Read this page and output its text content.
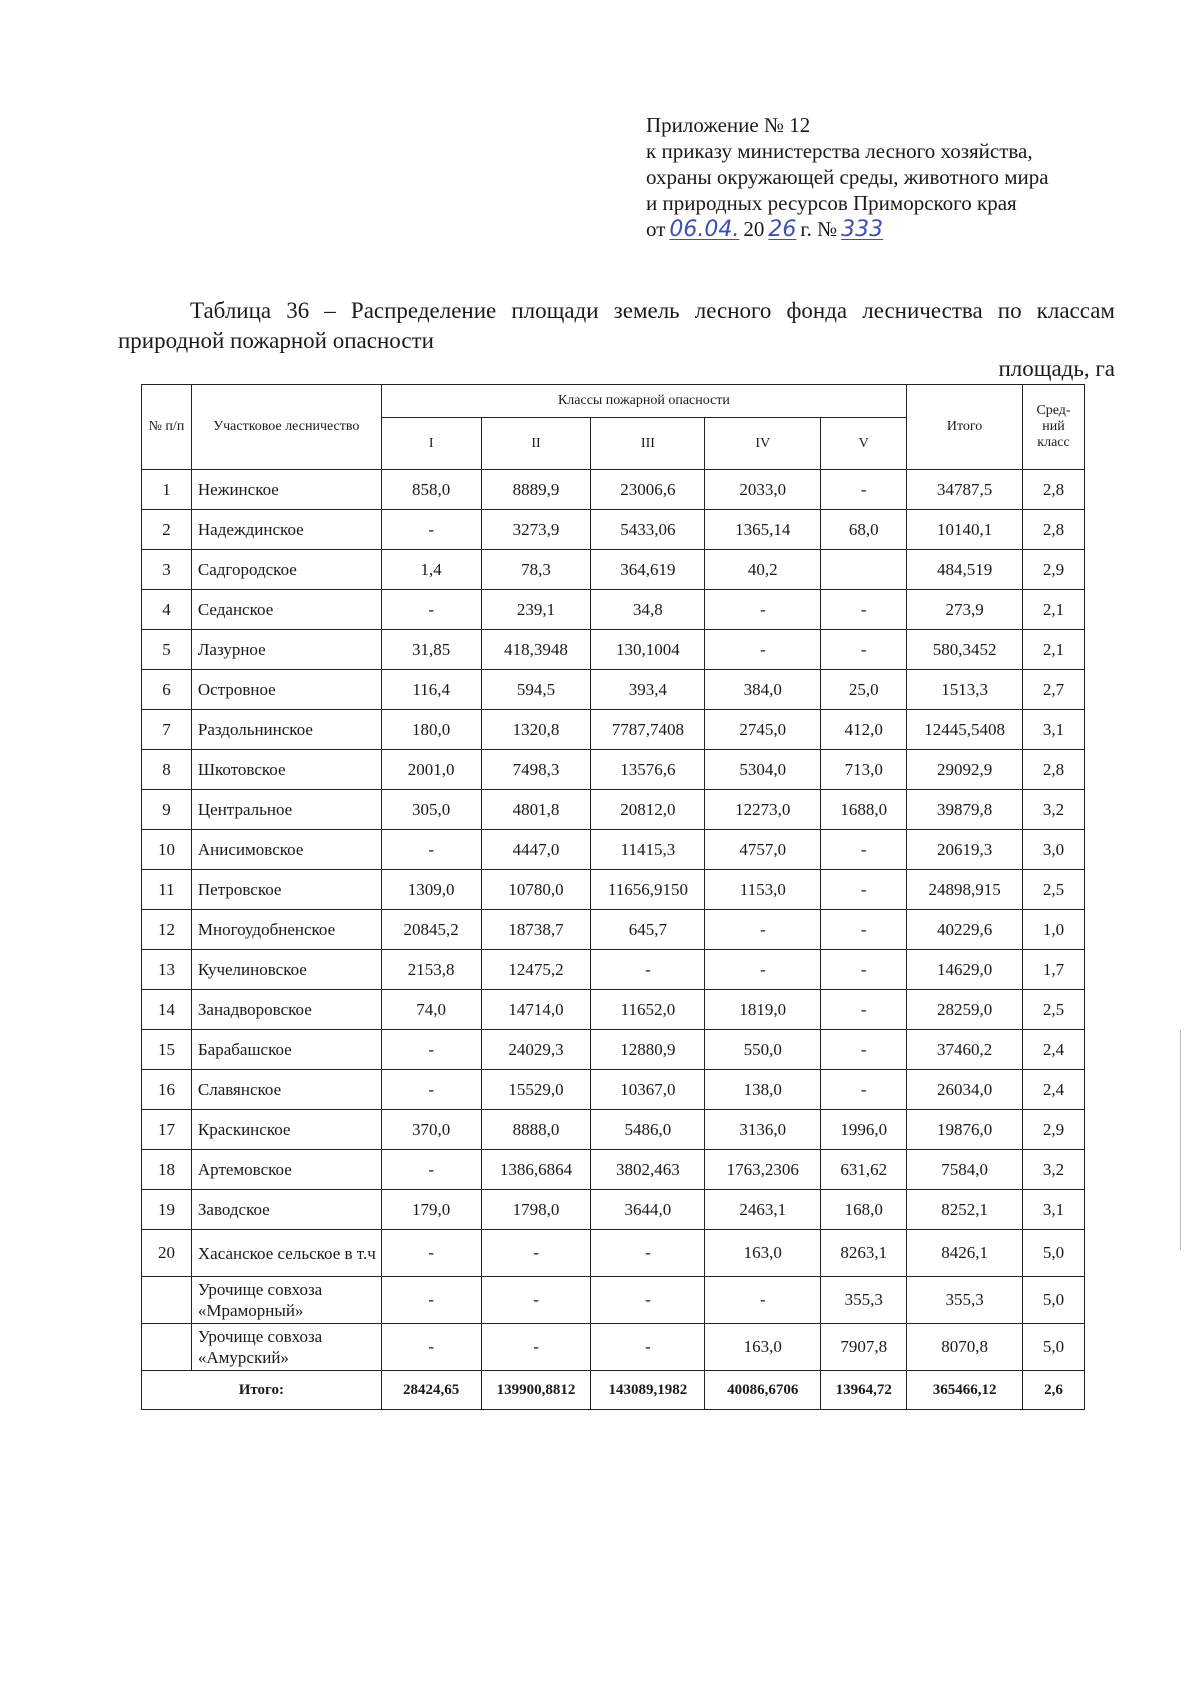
Приложение № 12
к приказу министерства лесного хозяйства,
охраны окружающей среды, животного мира
и природных ресурсов Приморского края
от 06.04. 20 26 г. № 333
Таблица 36 – Распределение площади земель лесного фонда лесничества по классам природной пожарной опасности
площадь, га
№ п/п	Участковое лесничество	Классы пожарной опасности					Итого	Сред-ний класс
		I	II	III	IV	V		
1	Нежинское	858,0	8889,9	23006,6	2033,0	-	34787,5	2,8
2	Надеждинское	-	3273,9	5433,06	1365,14	68,0	10140,1	2,8
3	Садгородское	1,4	78,3	364,619	40,2		484,519	2,9
4	Седанское	-	239,1	34,8	-	-	273,9	2,1
5	Лазурное	31,85	418,3948	130,1004	-	-	580,3452	2,1
6	Островное	116,4	594,5	393,4	384,0	25,0	1513,3	2,7
7	Раздольнинское	180,0	1320,8	7787,7408	2745,0	412,0	12445,5408	3,1
8	Шкотовское	2001,0	7498,3	13576,6	5304,0	713,0	29092,9	2,8
9	Центральное	305,0	4801,8	20812,0	12273,0	1688,0	39879,8	3,2
10	Анисимовское	-	4447,0	11415,3	4757,0	-	20619,3	3,0
11	Петровское	1309,0	10780,0	11656,9150	1153,0	-	24898,915	2,5
12	Многоудобненское	20845,2	18738,7	645,7	-	-	40229,6	1,0
13	Кучелиновское	2153,8	12475,2	-	-	-	14629,0	1,7
14	Занадворовское	74,0	14714,0	11652,0	1819,0	-	28259,0	2,5
15	Барабашское	-	24029,3	12880,9	550,0	-	37460,2	2,4
16	Славянское	-	15529,0	10367,0	138,0	-	26034,0	2,4
17	Краскинское	370,0	8888,0	5486,0	3136,0	1996,0	19876,0	2,9
18	Артемовское	-	1386,6864	3802,463	1763,2306	631,62	7584,0	3,2
19	Заводское	179,0	1798,0	3644,0	2463,1	168,0	8252,1	3,1
20	Хасанское сельское в т.ч	-	-	-	163,0	8263,1	8426,1	5,0
	Урочище совхоза «Мраморный»	-	-	-	-	355,3	355,3	5,0
	Урочище совхоза «Амурский»	-	-	-	163,0	7907,8	8070,8	5,0
Итого:		28424,65	139900,8812	143089,1982	40086,6706	13964,72	365466,12	2,6
